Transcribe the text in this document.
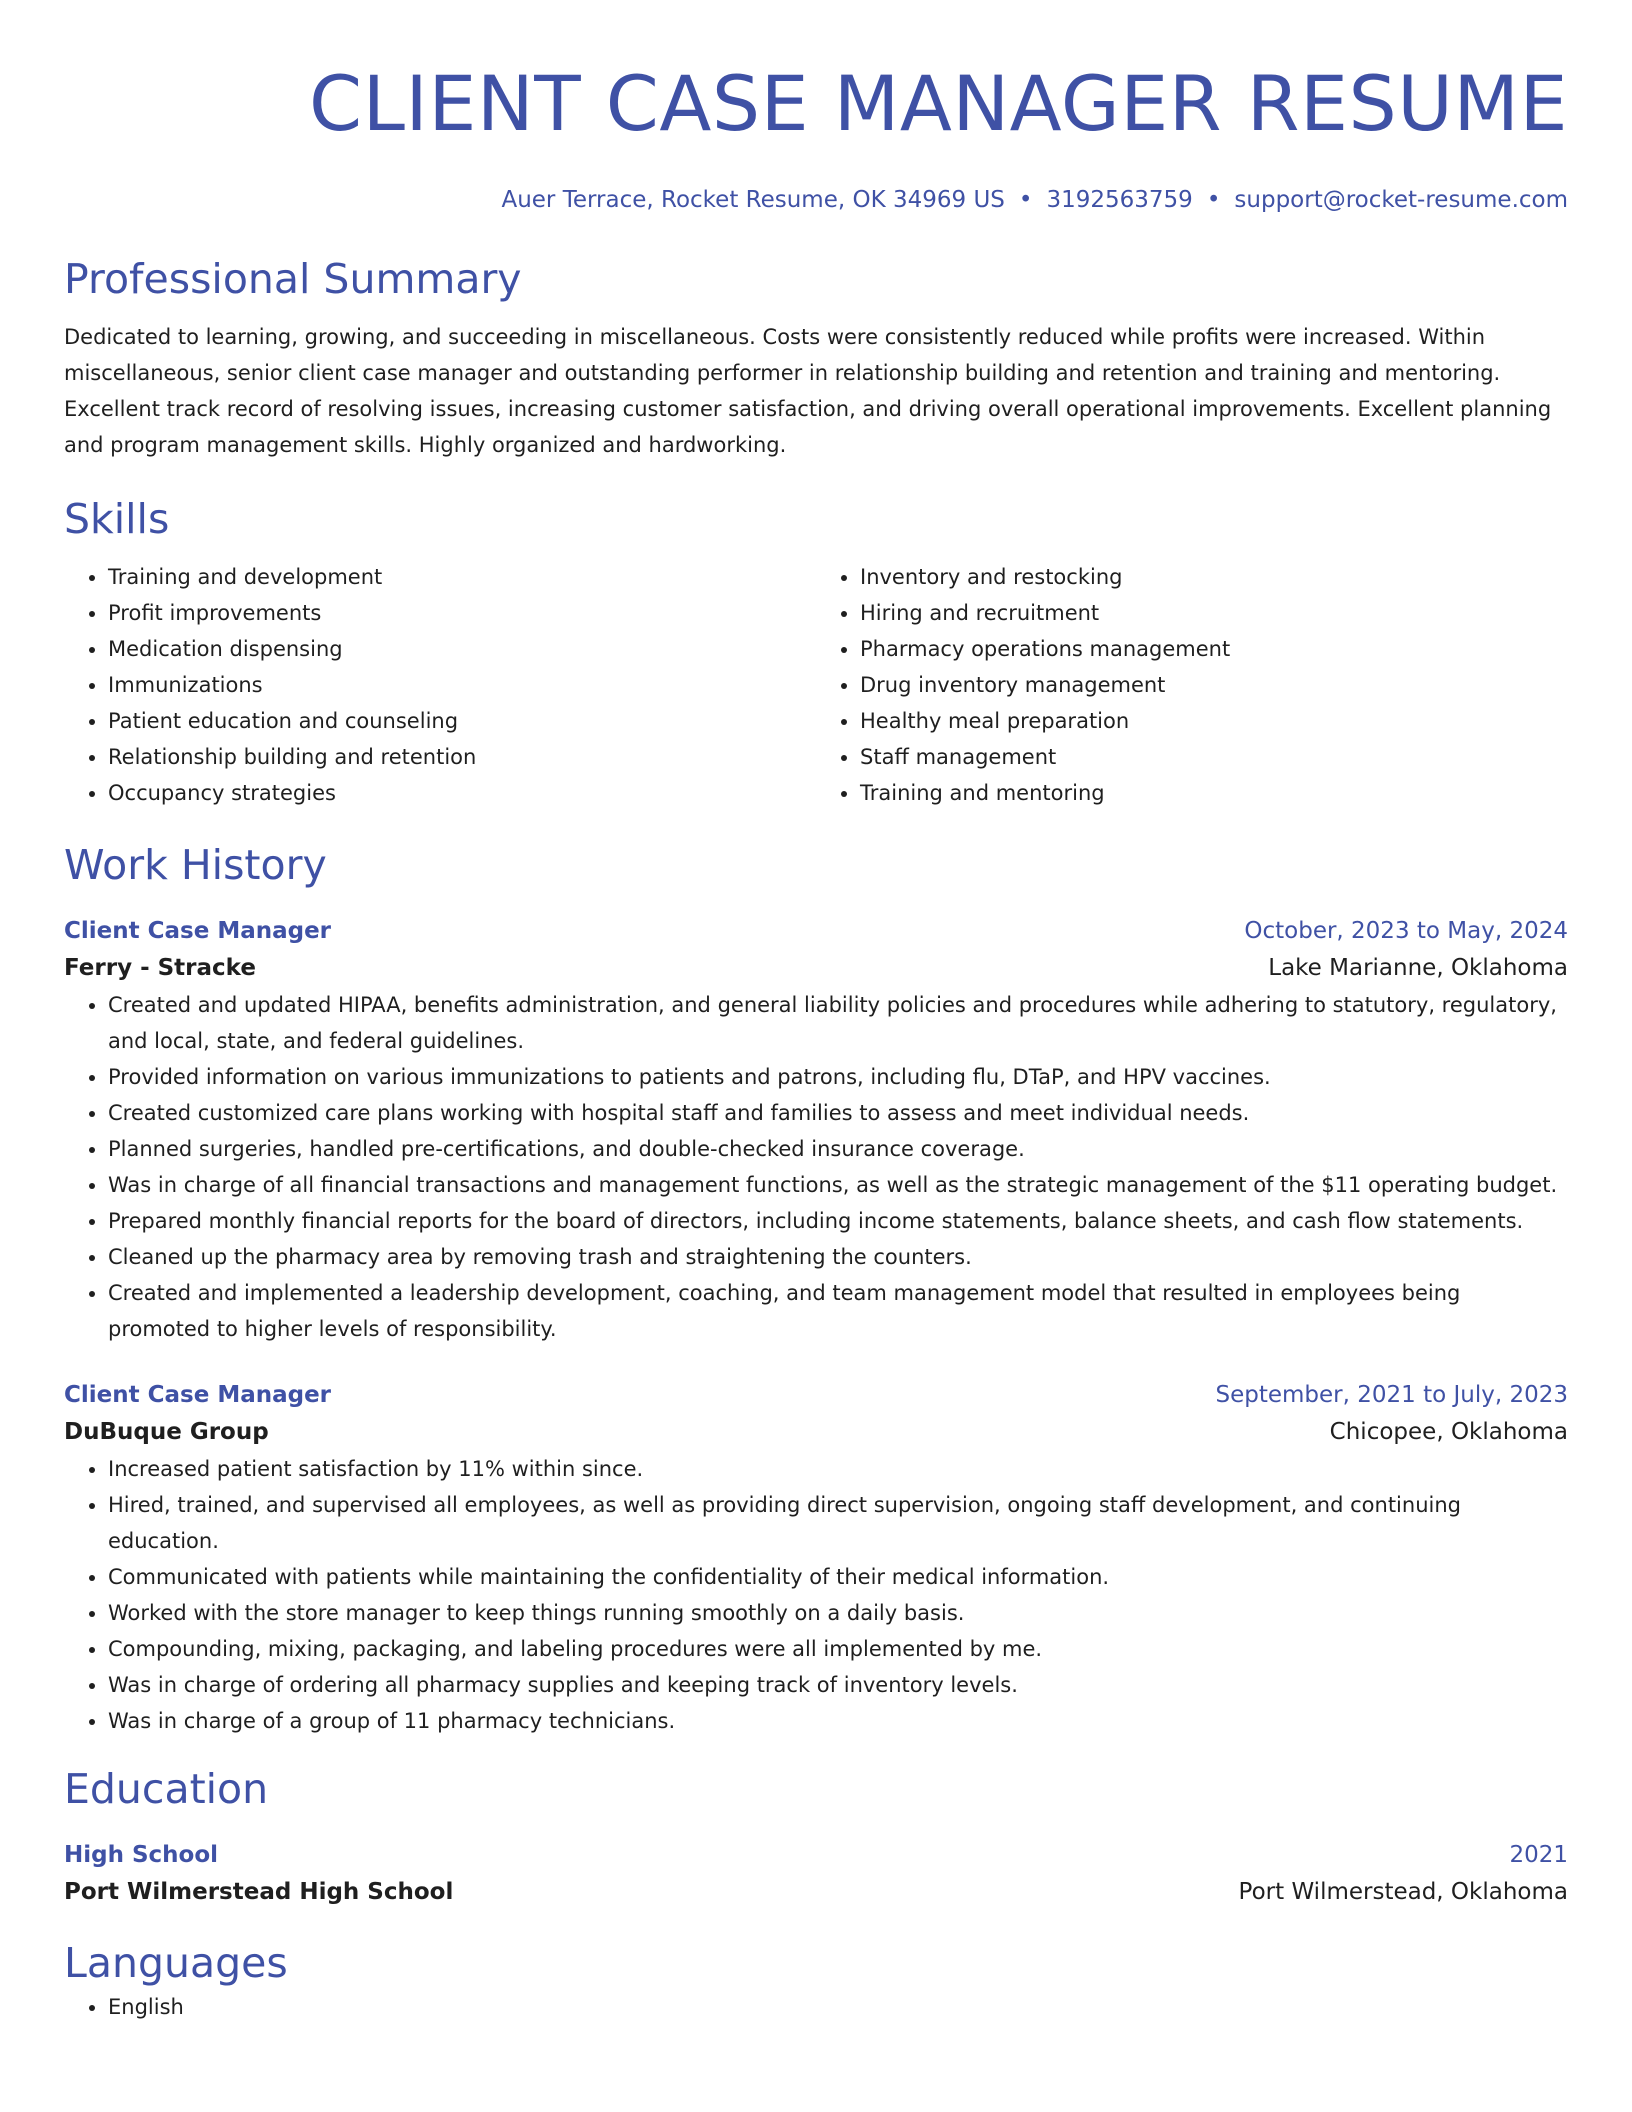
CLIENT CASE MANAGER RESUME
Auer Terrace, Rocket Resume, OK 34969 US • 3192563759 • support@rocket-resume.com
Professional Summary
Dedicated to learning, growing, and succeeding in miscellaneous. Costs were consistently reduced while profits were increased. Within miscellaneous, senior client case manager and outstanding performer in relationship building and retention and training and mentoring. Excellent track record of resolving issues, increasing customer satisfaction, and driving overall operational improvements. Excellent planning and program management skills. Highly organized and hardworking.
Skills
• Training and development
• Profit improvements
• Medication dispensing
• Immunizations
• Patient education and counseling
• Relationship building and retention
• Occupancy strategies
• Inventory and restocking
• Hiring and recruitment
• Pharmacy operations management
• Drug inventory management
• Healthy meal preparation
• Staff management
• Training and mentoring
Work History
Client Case Manager	October, 2023 to May, 2024
Ferry - Stracke	Lake Marianne, Oklahoma
• Created and updated HIPAA, benefits administration, and general liability policies and procedures while adhering to statutory, regulatory, and local, state, and federal guidelines.
• Provided information on various immunizations to patients and patrons, including flu, DTaP, and HPV vaccines.
• Created customized care plans working with hospital staff and families to assess and meet individual needs.
• Planned surgeries, handled pre-certifications, and double-checked insurance coverage.
• Was in charge of all financial transactions and management functions, as well as the strategic management of the $11 operating budget.
• Prepared monthly financial reports for the board of directors, including income statements, balance sheets, and cash flow statements.
• Cleaned up the pharmacy area by removing trash and straightening the counters.
• Created and implemented a leadership development, coaching, and team management model that resulted in employees being promoted to higher levels of responsibility.
Client Case Manager	September, 2021 to July, 2023
DuBuque Group	Chicopee, Oklahoma
• Increased patient satisfaction by 11% within since.
• Hired, trained, and supervised all employees, as well as providing direct supervision, ongoing staff development, and continuing education.
• Communicated with patients while maintaining the confidentiality of their medical information.
• Worked with the store manager to keep things running smoothly on a daily basis.
• Compounding, mixing, packaging, and labeling procedures were all implemented by me.
• Was in charge of ordering all pharmacy supplies and keeping track of inventory levels.
• Was in charge of a group of 11 pharmacy technicians.
Education
High School	2021
Port Wilmerstead High School	Port Wilmerstead, Oklahoma
Languages
• English
